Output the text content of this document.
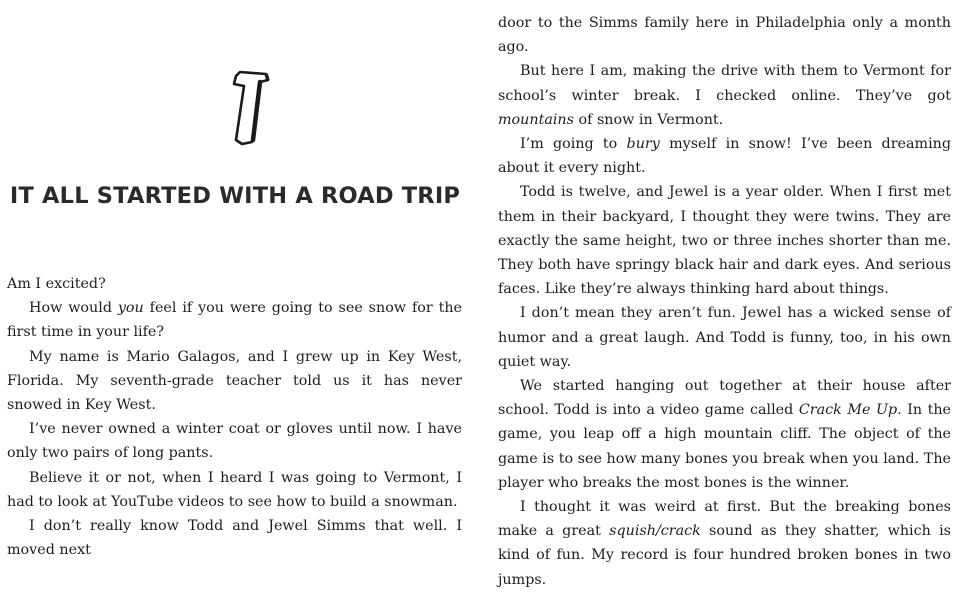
IT ALL STARTED WITH A ROAD TRIP

Am I excited?

How would you feel if you were going to see snow for the first time in your life?

My name is Mario Galagos, and I grew up in Key West, Florida. My seventh-grade teacher told us it has never snowed in Key West.

I’ve never owned a winter coat or gloves until now. I have only two pairs of long pants.

Believe it or not, when I heard I was going to Vermont, I had to look at YouTube videos to see how to build a snowman.

I don’t really know Todd and Jewel Simms that well. I moved next

door to the Simms family here in Philadelphia only a month ago.

But here I am, making the drive with them to Vermont for school’s winter break. I checked online. They’ve got mountains of snow in Vermont.

I’m going to bury myself in snow! I’ve been dreaming about it every night.

Todd is twelve, and Jewel is a year older. When I first met them in their backyard, I thought they were twins. They are exactly the same height, two or three inches shorter than me. They both have springy black hair and dark eyes. And serious faces. Like they’re always thinking hard about things.

I don’t mean they aren’t fun. Jewel has a wicked sense of humor and a great laugh. And Todd is funny, too, in his own quiet way.

We started hanging out together at their house after school. Todd is into a video game called Crack Me Up. In the game, you leap off a high mountain cliff. The object of the game is to see how many bones you break when you land. The player who breaks the most bones is the winner.

I thought it was weird at first. But the breaking bones make a great squish/crack sound as they shatter, which is kind of fun. My record is four hundred broken bones in two jumps.
